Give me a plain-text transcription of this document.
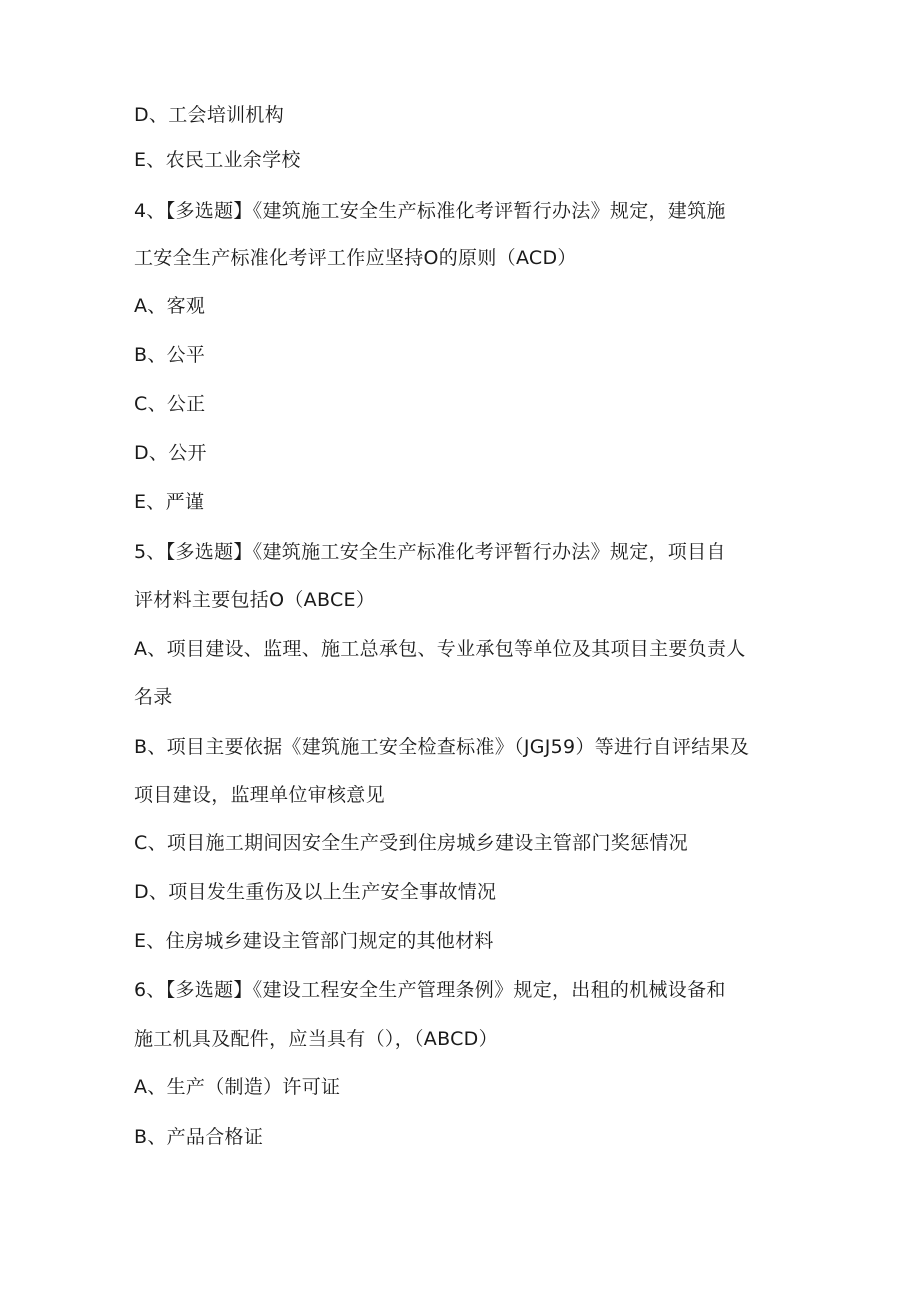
D、工会培训机构
E、农民工业余学校
4、【多选题】《建筑施工安全生产标准化考评暂行办法》规定，建筑施
工安全生产标准化考评工作应坚持O的原则（ACD）
A、客观
B、公平
C、公正
D、公开
E、严谨
5、【多选题】《建筑施工安全生产标准化考评暂行办法》规定，项目自
评材料主要包括O（ABCE）
A、项目建设、监理、施工总承包、专业承包等单位及其项目主要负责人
名录
B、项目主要依据《建筑施工安全检查标准》（JGJ59）等进行自评结果及
项目建设，监理单位审核意见
C、项目施工期间因安全生产受到住房城乡建设主管部门奖惩情况
D、项目发生重伤及以上生产安全事故情况
E、住房城乡建设主管部门规定的其他材料
6、【多选题】《建设工程安全生产管理条例》规定，出租的机械设备和
施工机具及配件，应当具有（），（ABCD）
A、生产（制造）许可证
B、产品合格证
